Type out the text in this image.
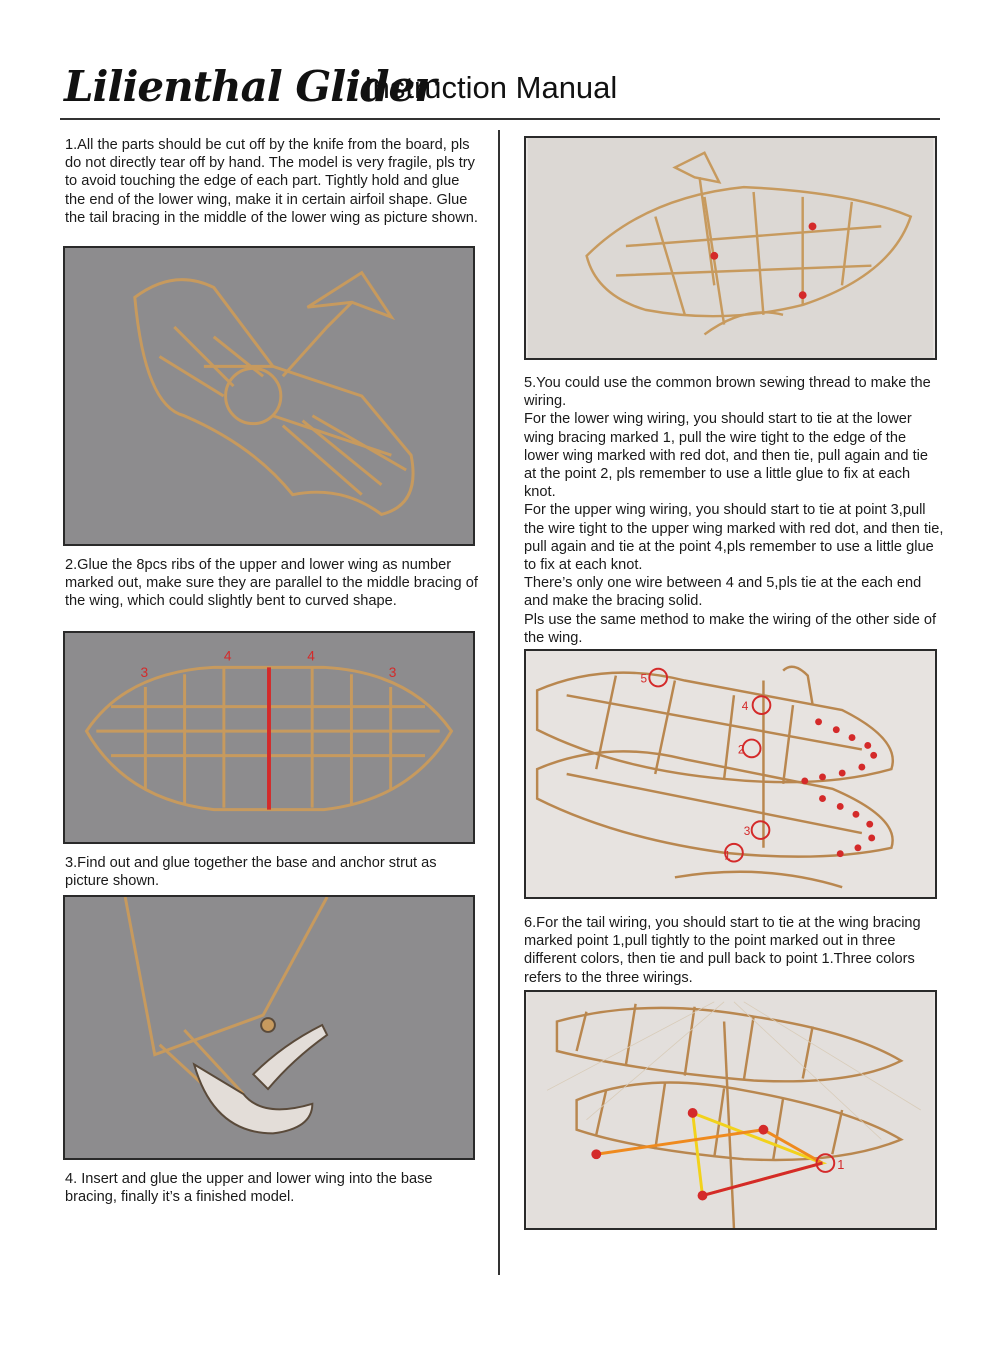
Lilienthal Glider
Instruction Manual

1.All the parts should be cut off by the knife from the board, pls do not directly tear off by hand. The model is very fragile, pls try to avoid touching the edge of each part. Tightly hold and glue the end of the lower wing, make it in certain airfoil shape. Glue the tail bracing in the middle of the lower wing as picture shown.

2.Glue the 8pcs ribs of the upper and lower wing as number marked out, make sure they are parallel to the middle bracing of the wing, which could slightly bent to curved shape.

4	4
3	3

3.Find out and glue together the base and anchor strut as picture shown.

4. Insert and glue the upper and lower wing into the base bracing, finally it’s a finished model.

5.You could use the common brown sewing thread to make the wiring.

For the lower wing wiring, you should start to tie at the lower wing bracing marked 1, pull the wire tight to the edge of the lower wing marked with red dot, and then tie, pull again and tie at the point 2, pls remember to use a little glue to fix at each knot.

For the upper wing wiring, you should start to tie at point 3,pull the wire tight to the upper wing marked with red dot, and then tie, pull again and tie at the point 4,pls remember to use a little glue to fix at each knot.

There’s only one wire between 4 and 5,pls tie at the each end and make the bracing solid.

Pls use the same method to make the wiring of the other side of the wing.

5
4
2
3
1

6.For the tail wiring, you should start to tie at the wing bracing marked point 1,pull tightly to the point marked out in three different colors, then tie and pull back to point 1.Three colors refers to the three wirings.

1
